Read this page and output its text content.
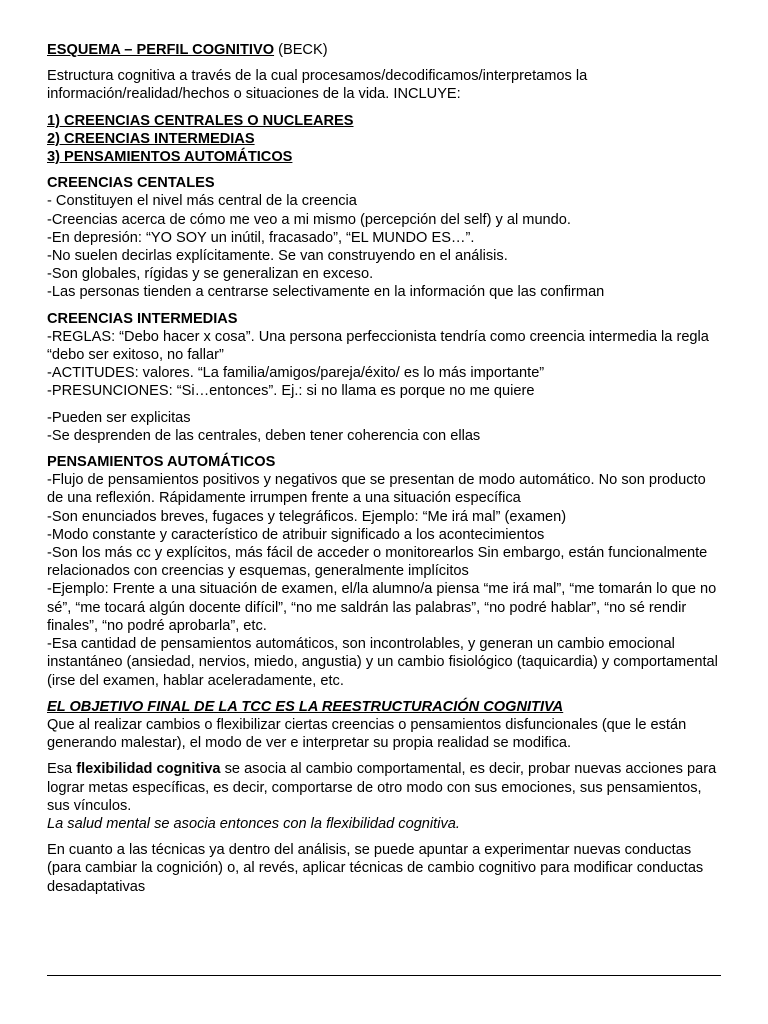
ESQUEMA – PERFIL COGNITIVO (BECK)

Estructura cognitiva a través de la cual procesamos/decodificamos/interpretamos la información/realidad/hechos o situaciones de la vida. INCLUYE:

1) CREENCIAS CENTRALES O NUCLEARES

2) CREENCIAS INTERMEDIAS

3) PENSAMIENTOS AUTOMÁTICOS

CREENCIAS CENTALES

- Constituyen el nivel más central de la creencia

-Creencias acerca de cómo me veo a mi mismo (percepción del self) y al mundo.

-En depresión: “YO SOY un inútil, fracasado”, “EL MUNDO ES…”.

-No suelen decirlas explícitamente. Se van construyendo en el análisis.

-Son globales, rígidas y se generalizan en exceso.

-Las personas tienden a centrarse selectivamente en la información que las confirman

CREENCIAS INTERMEDIAS

-REGLAS: “Debo hacer x cosa”. Una persona perfeccionista tendría como creencia intermedia la regla “debo ser exitoso, no fallar”

-ACTITUDES: valores. “La familia/amigos/pareja/éxito/ es lo más importante”

-PRESUNCIONES: “Si…entonces”. Ej.: si no llama es porque no me quiere

-Pueden ser explicitas

-Se desprenden de las centrales, deben tener coherencia con ellas

PENSAMIENTOS AUTOMÁTICOS

-Flujo de pensamientos positivos y negativos que se presentan de modo automático. No son producto de una reflexión. Rápidamente irrumpen frente a una situación específica

-Son enunciados breves, fugaces y telegráficos. Ejemplo: “Me irá mal” (examen)

-Modo constante y característico de atribuir significado a los acontecimientos

-Son los más cc y explícitos, más fácil de acceder o monitorearlos Sin embargo, están funcionalmente relacionados con creencias y esquemas, generalmente implícitos

-Ejemplo: Frente a una situación de examen, el/la alumno/a piensa “me irá mal”, “me tomarán lo que no sé”, “me tocará algún docente difícil”, “no me saldrán las palabras”, “no podré hablar”, “no sé rendir finales”, “no podré aprobarla”, etc.

-Esa cantidad de pensamientos automáticos, son incontrolables, y generan un cambio emocional instantáneo (ansiedad, nervios, miedo, angustia) y un cambio fisiológico (taquicardia) y comportamental (irse del examen, hablar aceleradamente, etc.

EL OBJETIVO FINAL DE LA TCC ES LA REESTRUCTURACIÓN COGNITIVA

Que al realizar cambios o flexibilizar ciertas creencias o pensamientos disfuncionales (que le están generando malestar), el modo de ver e interpretar su propia realidad se modifica.

Esa flexibilidad cognitiva se asocia al cambio comportamental, es decir, probar nuevas acciones para lograr metas específicas, es decir, comportarse de otro modo con sus emociones, sus pensamientos, sus vínculos.

La salud mental se asocia entonces con la flexibilidad cognitiva.

En cuanto a las técnicas ya dentro del análisis, se puede apuntar a experimentar nuevas conductas (para cambiar la cognición) o, al revés, aplicar técnicas de cambio cognitivo para modificar conductas desadaptativas
